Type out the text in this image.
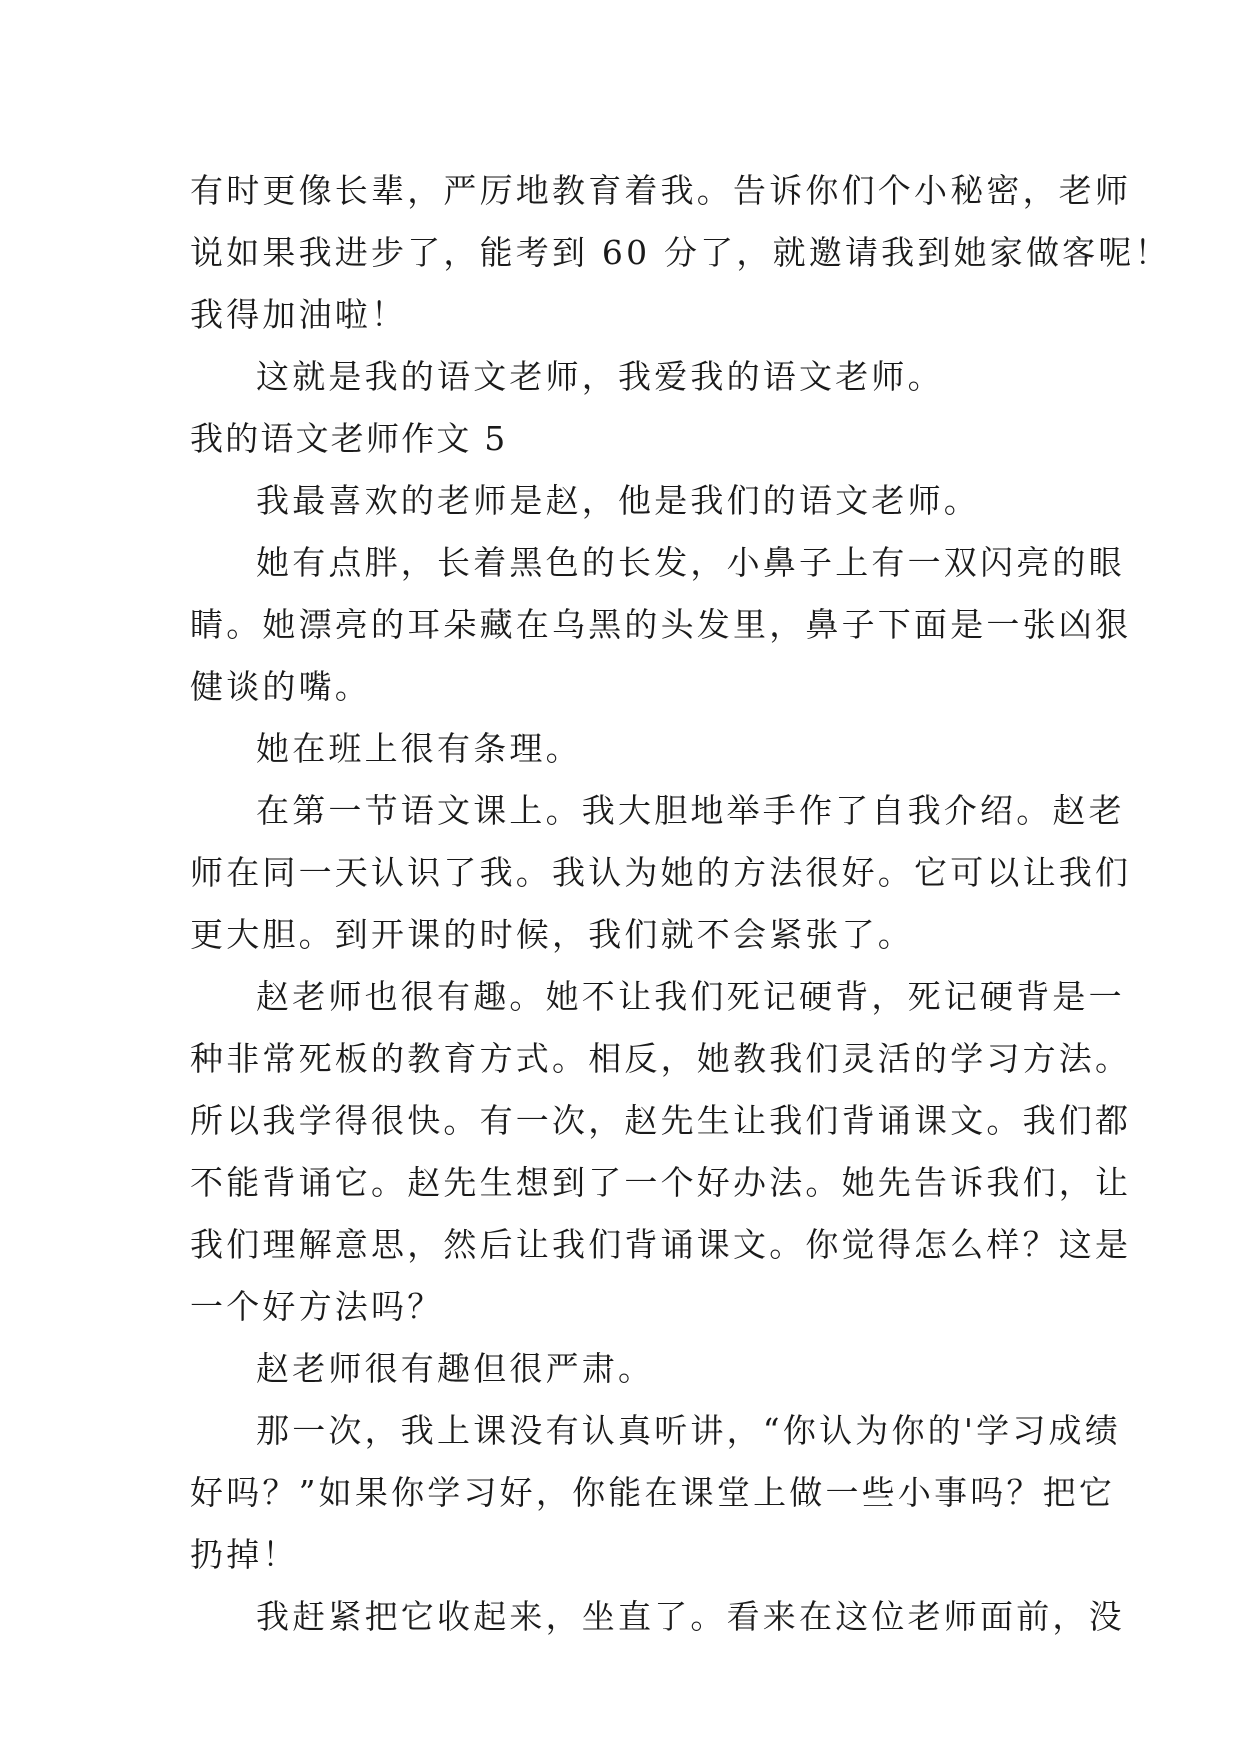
有时更像长辈，严厉地教育着我。告诉你们个小秘密，老师
说如果我进步了，能考到 60 分了，就邀请我到她家做客呢！
我得加油啦！
这就是我的语文老师，我爱我的语文老师。
我的语文老师作文 5
我最喜欢的老师是赵，他是我们的语文老师。
她有点胖，长着黑色的长发，小鼻子上有一双闪亮的眼
睛。她漂亮的耳朵藏在乌黑的头发里，鼻子下面是一张凶狠
健谈的嘴。
她在班上很有条理。
在第一节语文课上。我大胆地举手作了自我介绍。赵老
师在同一天认识了我。我认为她的方法很好。它可以让我们
更大胆。到开课的时候，我们就不会紧张了。
赵老师也很有趣。她不让我们死记硬背，死记硬背是一
种非常死板的教育方式。相反，她教我们灵活的学习方法。
所以我学得很快。有一次，赵先生让我们背诵课文。我们都
不能背诵它。赵先生想到了一个好办法。她先告诉我们，让
我们理解意思，然后让我们背诵课文。你觉得怎么样？这是
一个好方法吗？
赵老师很有趣但很严肃。
那一次，我上课没有认真听讲，“你认为你的'学习成绩
好吗？”如果你学习好，你能在课堂上做一些小事吗？把它
扔掉！
我赶紧把它收起来，坐直了。看来在这位老师面前，没
